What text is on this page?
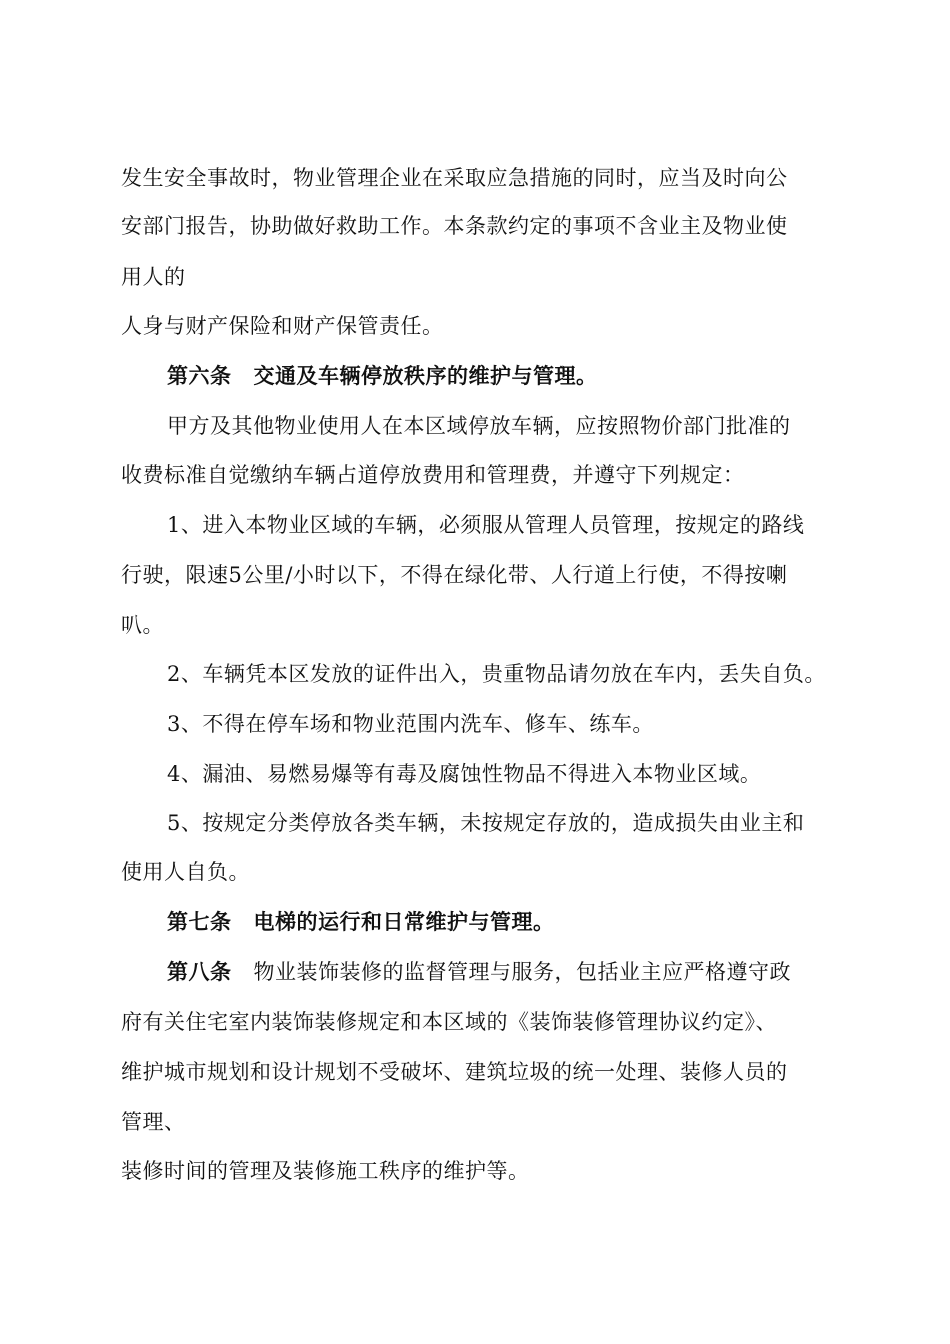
发生安全事故时，物业管理企业在采取应急措施的同时，应当及时向公
安部门报告，协助做好救助工作。本条款约定的事项不含业主及物业使
用人的
人身与财产保险和财产保管责任。
第六条 交通及车辆停放秩序的维护与管理。
甲方及其他物业使用人在本区域停放车辆，应按照物价部门批准的
收费标准自觉缴纳车辆占道停放费用和管理费，并遵守下列规定：
1、进入本物业区域的车辆，必须服从管理人员管理，按规定的路线
行驶，限速5公里/小时以下，不得在绿化带、人行道上行使，不得按喇
叭。
2、车辆凭本区发放的证件出入，贵重物品请勿放在车内，丢失自负。
3、不得在停车场和物业范围内洗车、修车、练车。
4、漏油、易燃易爆等有毒及腐蚀性物品不得进入本物业区域。
5、按规定分类停放各类车辆，未按规定存放的，造成损失由业主和
使用人自负。
第七条 电梯的运行和日常维护与管理。
第八条 物业装饰装修的监督管理与服务，包括业主应严格遵守政
府有关住宅室内装饰装修规定和本区域的《装饰装修管理协议约定》、
维护城市规划和设计规划不受破坏、建筑垃圾的统一处理、装修人员的
管理、
装修时间的管理及装修施工秩序的维护等。
